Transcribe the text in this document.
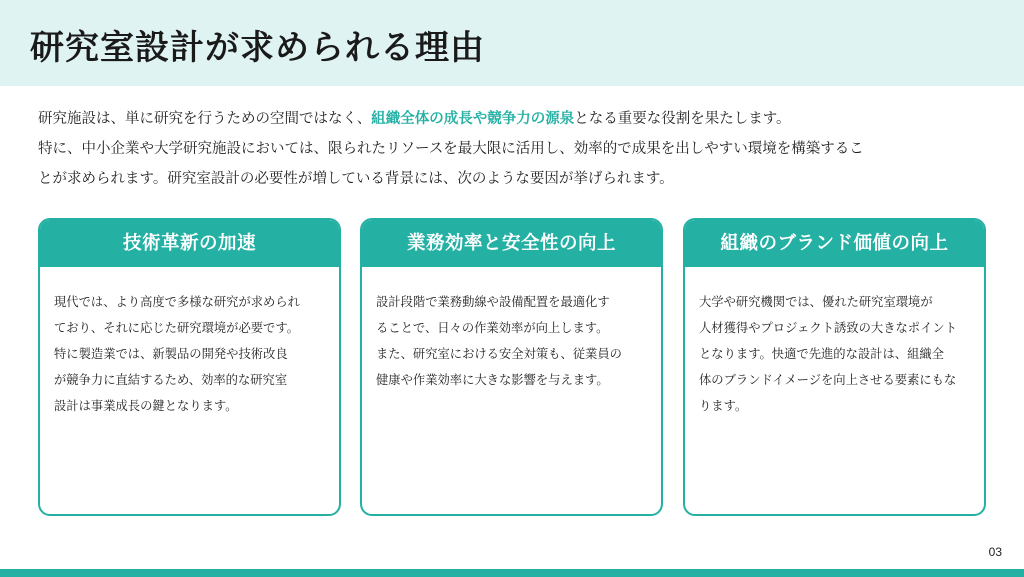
研究室設計が求められる理由
研究施設は、単に研究を行うための空間ではなく、組織全体の成長や競争力の源泉となる重要な役割を果たします。
特に、中小企業や大学研究施設においては、限られたリソースを最大限に活用し、効率的で成果を出しやすい環境を構築するこ
とが求められます。研究室設計の必要性が増している背景には、次のような要因が挙げられます。
技術革新の加速
現代では、より高度で多様な研究が求められ
ており、それに応じた研究環境が必要です。
特に製造業では、新製品の開発や技術改良
が競争力に直結するため、効率的な研究室
設計は事業成長の鍵となります。
業務効率と安全性の向上
設計段階で業務動線や設備配置を最適化す
ることで、日々の作業効率が向上します。
また、研究室における安全対策も、従業員の
健康や作業効率に大きな影響を与えます。
組織のブランド価値の向上
大学や研究機関では、優れた研究室環境が
人材獲得やプロジェクト誘致の大きなポイント
となります。快適で先進的な設計は、組織全
体のブランドイメージを向上させる要素にもな
ります。
03
